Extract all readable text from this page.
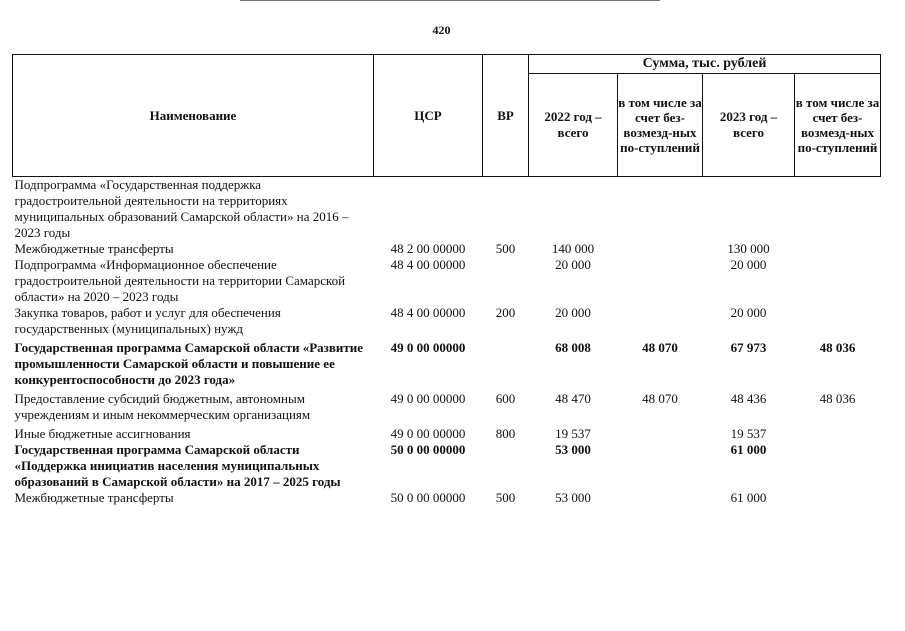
420
Наименование	ЦСР	ВР	Сумма, тыс. рублей			
			2022 год – всего	в том числе за счет без-возмезд-ных по-ступлений	2023 год – всего	в том числе за счет без-возмезд-ных по-ступлений
Подпрограмма «Государственная поддержка градостроительной деятельности на территориях муниципальных образований Самарской области» на 2016 – 2023 годы						
Межбюджетные трансферты	48 2 00 00000	500	140 000		130 000	
Подпрограмма «Информационное обеспечение градостроительной деятельности на территории Самарской области» на 2020 – 2023 годы	48 4 00 00000		20 000		20 000	
Закупка товаров, работ и услуг для обеспечения государственных (муниципальных) нужд	48 4 00 00000	200	20 000		20 000	
Государственная программа Самарской области «Развитие промышленности Самарской области и повышение ее конкурентоспособности до 2023 года»	49 0 00 00000		68 008	48 070	67 973	48 036
Предоставление субсидий бюджетным, автономным учреждениям и иным некоммерческим организациям	49 0 00 00000	600	48 470	48 070	48 436	48 036
Иные бюджетные ассигнования	49 0 00 00000	800	19 537		19 537	
Государственная программа Самарской области «Поддержка инициатив населения муниципальных образований в Самарской области» на 2017 – 2025 годы	50 0 00 00000		53 000		61 000	
Межбюджетные трансферты	50 0 00 00000	500	53 000		61 000	
